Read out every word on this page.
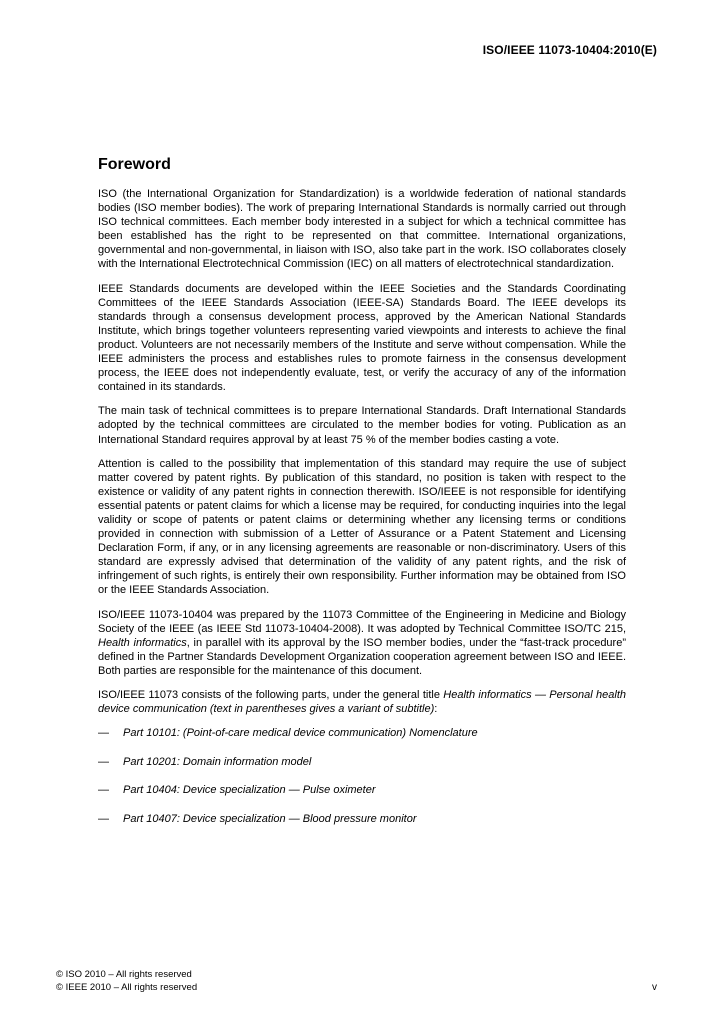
ISO/IEEE 11073-10404:2010(E)
Foreword

ISO (the International Organization for Standardization) is a worldwide federation of national standards bodies (ISO member bodies). The work of preparing International Standards is normally carried out through ISO technical committees. Each member body interested in a subject for which a technical committee has been established has the right to be represented on that committee. International organizations, governmental and non-governmental, in liaison with ISO, also take part in the work. ISO collaborates closely with the International Electrotechnical Commission (IEC) on all matters of electrotechnical standardization.

IEEE Standards documents are developed within the IEEE Societies and the Standards Coordinating Committees of the IEEE Standards Association (IEEE-SA) Standards Board. The IEEE develops its standards through a consensus development process, approved by the American National Standards Institute, which brings together volunteers representing varied viewpoints and interests to achieve the final product. Volunteers are not necessarily members of the Institute and serve without compensation. While the IEEE administers the process and establishes rules to promote fairness in the consensus development process, the IEEE does not independently evaluate, test, or verify the accuracy of any of the information contained in its standards.

The main task of technical committees is to prepare International Standards. Draft International Standards adopted by the technical committees are circulated to the member bodies for voting. Publication as an International Standard requires approval by at least 75 % of the member bodies casting a vote.

Attention is called to the possibility that implementation of this standard may require the use of subject matter covered by patent rights. By publication of this standard, no position is taken with respect to the existence or validity of any patent rights in connection therewith. ISO/IEEE is not responsible for identifying essential patents or patent claims for which a license may be required, for conducting inquiries into the legal validity or scope of patents or patent claims or determining whether any licensing terms or conditions provided in connection with submission of a Letter of Assurance or a Patent Statement and Licensing Declaration Form, if any, or in any licensing agreements are reasonable or non-discriminatory. Users of this standard are expressly advised that determination of the validity of any patent rights, and the risk of infringement of such rights, is entirely their own responsibility. Further information may be obtained from ISO or the IEEE Standards Association.

ISO/IEEE 11073-10404 was prepared by the 11073 Committee of the Engineering in Medicine and Biology Society of the IEEE (as IEEE Std 11073-10404-2008). It was adopted by Technical Committee ISO/TC 215, Health informatics, in parallel with its approval by the ISO member bodies, under the “fast-track procedure” defined in the Partner Standards Development Organization cooperation agreement between ISO and IEEE. Both parties are responsible for the maintenance of this document.

ISO/IEEE 11073 consists of the following parts, under the general title Health informatics — Personal health device communication (text in parentheses gives a variant of subtitle):

—	Part 10101: (Point-of-care medical device communication) Nomenclature
—	Part 10201: Domain information model
—	Part 10404: Device specialization — Pulse oximeter
—	Part 10407: Device specialization — Blood pressure monitor
© ISO 2010 – All rights reserved
© IEEE 2010 – All rights reserved	v
